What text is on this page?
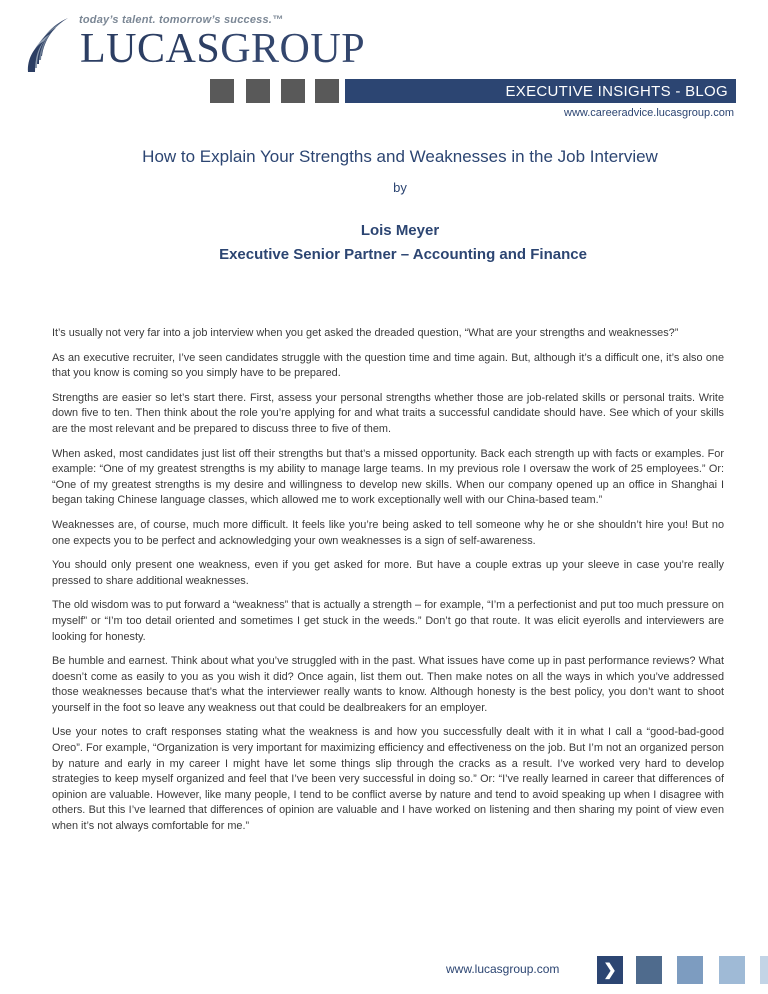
today’s talent. tomorrow’s success.™
LUCASGROUP
EXECUTIVE INSIGHTS - BLOG
www.careeradvice.lucasgroup.com
How to Explain Your Strengths and Weaknesses in the Job Interview
by
Lois Meyer
Executive Senior Partner – Accounting and Finance

It’s usually not very far into a job interview when you get asked the dreaded question, “What are your strengths and weaknesses?”

As an executive recruiter, I’ve seen candidates struggle with the question time and time again. But, although it’s a difficult one, it’s also one that you know is coming so you simply have to be prepared.

Strengths are easier so let’s start there. First, assess your personal strengths whether those are job-related skills or personal traits. Write down five to ten. Then think about the role you’re applying for and what traits a successful candidate should have. See which of your skills are the most relevant and be prepared to discuss three to five of them.

When asked, most candidates just list off their strengths but that’s a missed opportunity. Back each strength up with facts or examples. For example: “One of my greatest strengths is my ability to manage large teams. In my previous role I oversaw the work of 25 employees.” Or: “One of my greatest strengths is my desire and willingness to develop new skills. When our company opened up an office in Shanghai I began taking Chinese language classes, which allowed me to work exceptionally well with our China-based team.”

Weaknesses are, of course, much more difficult. It feels like you’re being asked to tell someone why he or she shouldn’t hire you! But no one expects you to be perfect and acknowledging your own weaknesses is a sign of self-awareness.

You should only present one weakness, even if you get asked for more. But have a couple extras up your sleeve in case you’re really pressed to share additional weaknesses.

The old wisdom was to put forward a “weakness” that is actually a strength – for example, “I’m a perfectionist and put too much pressure on myself” or “I’m too detail oriented and sometimes I get stuck in the weeds.” Don’t go that route. It was elicit eyerolls and interviewers are looking for honesty.

Be humble and earnest. Think about what you’ve struggled with in the past. What issues have come up in past performance reviews? What doesn’t come as easily to you as you wish it did? Once again, list them out. Then make notes on all the ways in which you’ve addressed those weaknesses because that’s what the interviewer really wants to know. Although honesty is the best policy, you don’t want to shoot yourself in the foot so leave any weakness out that could be dealbreakers for an employer.

Use your notes to craft responses stating what the weakness is and how you successfully dealt with it in what I call a “good-bad-good Oreo”. For example, “Organization is very important for maximizing efficiency and effectiveness on the job. But I’m not an organized person by nature and early in my career I might have let some things slip through the cracks as a result. I’ve worked very hard to develop strategies to keep myself organized and feel that I’ve been very successful in doing so.” Or: “I’ve really learned in career that differences of opinion are valuable. However, like many people, I tend to be conflict averse by nature and tend to avoid speaking up when I disagree with others. But this I’ve learned that differences of opinion are valuable and I have worked on listening and then sharing my point of view even when it’s not always comfortable for me.”

www.lucasgroup.com	❯
